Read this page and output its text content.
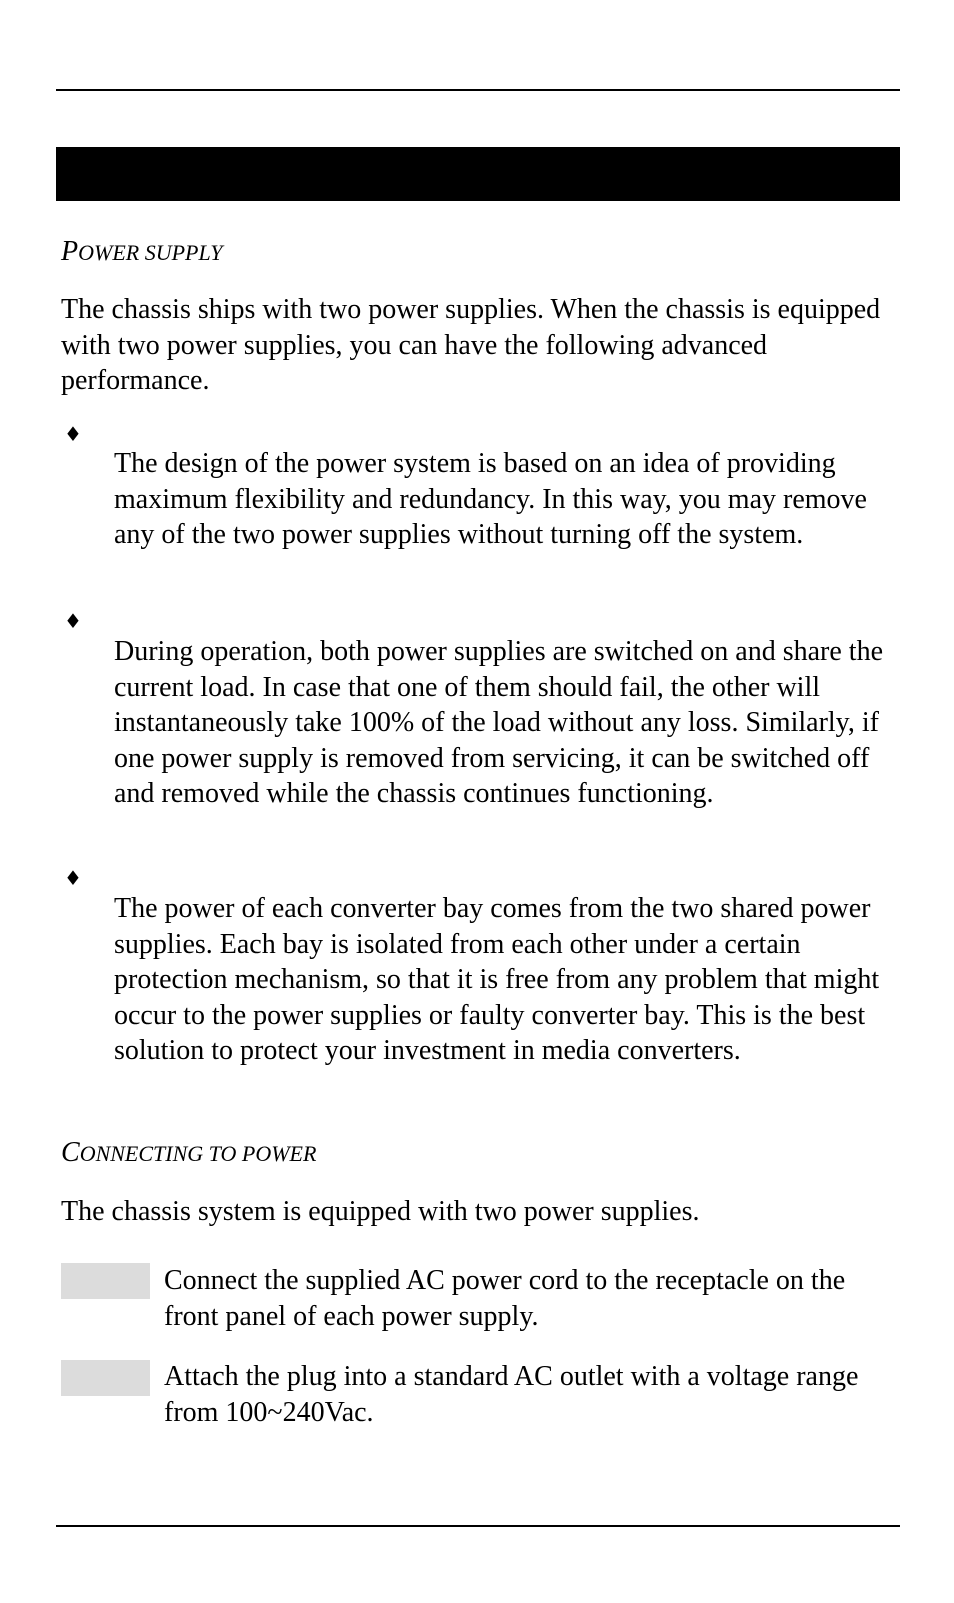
POWER SUPPLY

The chassis ships with two power supplies. When the chassis is equipped with two power supplies, you can have the following advanced performance.

♦

The design of the power system is based on an idea of providing maximum flexibility and redundancy. In this way, you may remove any of the two power supplies without turning off the system.

♦

During operation, both power supplies are switched on and share the current load. In case that one of them should fail, the other will instantaneously take 100% of the load without any loss. Similarly, if one power supply is removed from servicing, it can be switched off and removed while the chassis continues functioning.

♦

The power of each converter bay comes from the two shared power supplies. Each bay is isolated from each other under a certain protection mechanism, so that it is free from any problem that might occur to the power supplies or faulty converter bay. This is the best solution to protect your investment in media converters.

CONNECTING TO POWER

The chassis system is equipped with two power supplies.

Connect the supplied AC power cord to the receptacle on the front panel of each power supply.

Attach the plug into a standard AC outlet with a voltage range from 100~240Vac.
